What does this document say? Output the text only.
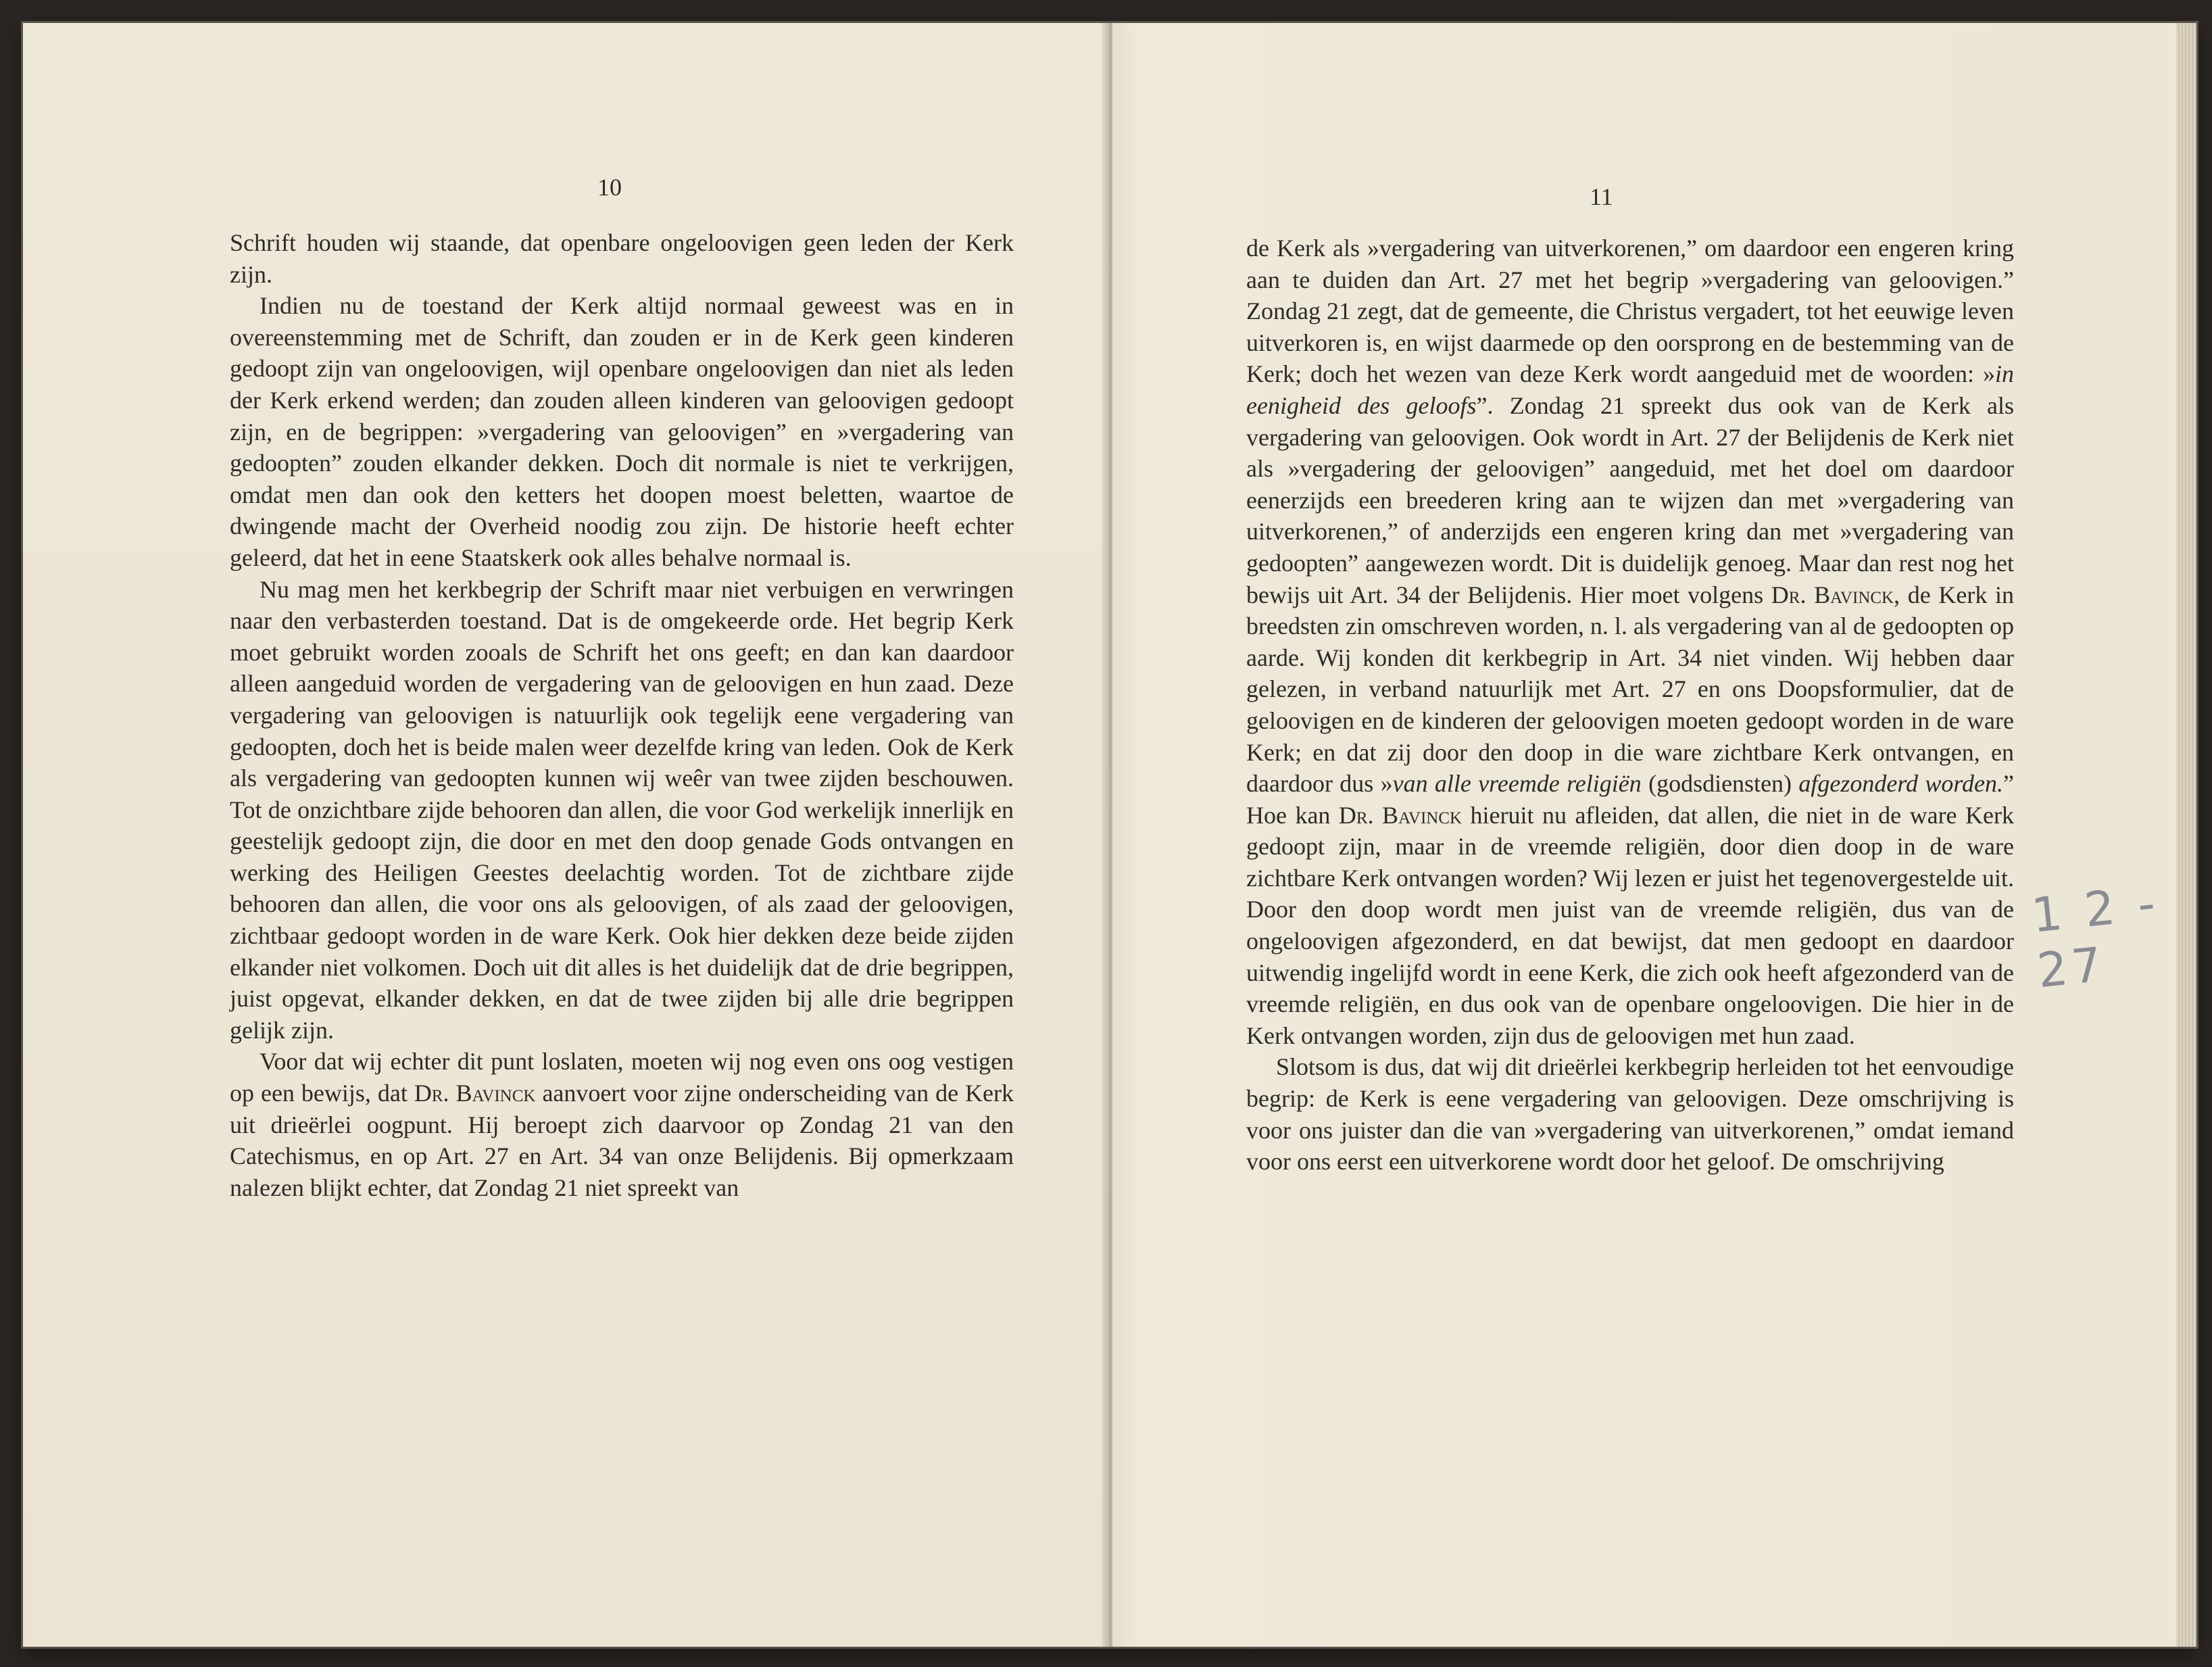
10

Schrift houden wij staande, dat openbare ongeloovigen geen leden der Kerk zijn.

Indien nu de toestand der Kerk altijd normaal geweest was en in overeenstemming met de Schrift, dan zouden er in de Kerk geen kinderen gedoopt zijn van ongeloovigen, wijl openbare ongeloovigen dan niet als leden der Kerk erkend werden; dan zouden alleen kinderen van geloovigen gedoopt zijn, en de begrippen: »vergadering van geloovigen” en »vergadering van gedoopten” zouden elkander dekken. Doch dit normale is niet te verkrijgen, omdat men dan ook den ketters het doopen moest beletten, waartoe de dwingende macht der Overheid noodig zou zijn. De historie heeft echter geleerd, dat het in eene Staatskerk ook alles behalve normaal is.

Nu mag men het kerkbegrip der Schrift maar niet verbuigen en verwringen naar den verbasterden toestand. Dat is de omgekeerde orde. Het begrip Kerk moet gebruikt worden zooals de Schrift het ons geeft; en dan kan daardoor alleen aangeduid worden de vergadering van de geloovigen en hun zaad. Deze vergadering van geloovigen is natuurlijk ook tegelijk eene vergadering van gedoopten, doch het is beide malen weer dezelfde kring van leden. Ook de Kerk als vergadering van gedoopten kunnen wij weêr van twee zijden beschouwen. Tot de onzichtbare zijde behooren dan allen, die voor God werkelijk innerlijk en geestelijk gedoopt zijn, die door en met den doop genade Gods ontvangen en werking des Heiligen Geestes deelachtig worden. Tot de zichtbare zijde behooren dan allen, die voor ons als geloovigen, of als zaad der geloovigen, zichtbaar gedoopt worden in de ware Kerk. Ook hier dekken deze beide zijden elkander niet volkomen. Doch uit dit alles is het duidelijk dat de drie begrippen, juist opgevat, elkander dekken, en dat de twee zijden bij alle drie begrippen gelijk zijn.

Voor dat wij echter dit punt loslaten, moeten wij nog even ons oog vestigen op een bewijs, dat Dr. Bavinck aanvoert voor zijne onderscheiding van de Kerk uit drieërlei oogpunt. Hij beroept zich daarvoor op Zondag 21 van den Catechismus, en op Art. 27 en Art. 34 van onze Belijdenis. Bij opmerkzaam nalezen blijkt echter, dat Zondag 21 niet spreekt van

11

de Kerk als »vergadering van uitverkorenen,” om daardoor een engeren kring aan te duiden dan Art. 27 met het begrip »vergadering van geloovigen.” Zondag 21 zegt, dat de gemeente, die Christus vergadert, tot het eeuwige leven uitverkoren is, en wijst daarmede op den oorsprong en de bestemming van de Kerk; doch het wezen van deze Kerk wordt aangeduid met de woorden: »in eenigheid des geloofs”. Zondag 21 spreekt dus ook van de Kerk als vergadering van geloovigen. Ook wordt in Art. 27 der Belijdenis de Kerk niet als »vergadering der geloovigen” aangeduid, met het doel om daardoor eenerzijds een breederen kring aan te wijzen dan met »vergadering van uitverkorenen,” of anderzijds een engeren kring dan met »vergadering van gedoopten” aangewezen wordt. Dit is duidelijk genoeg. Maar dan rest nog het bewijs uit Art. 34 der Belijdenis. Hier moet volgens Dr. Bavinck, de Kerk in breedsten zin omschreven worden, n. l. als vergadering van al de gedoopten op aarde. Wij konden dit kerkbegrip in Art. 34 niet vinden. Wij hebben daar gelezen, in verband natuurlijk met Art. 27 en ons Doopsformulier, dat de geloovigen en de kinderen der geloovigen moeten gedoopt worden in de ware Kerk; en dat zij door den doop in die ware zichtbare Kerk ontvangen, en daardoor dus »van alle vreemde religiën (godsdiensten) afgezonderd worden.” Hoe kan Dr. Bavinck hieruit nu afleiden, dat allen, die niet in de ware Kerk gedoopt zijn, maar in de vreemde religiën, door dien doop in de ware zichtbare Kerk ontvangen worden? Wij lezen er juist het tegenovergestelde uit. Door den doop wordt men juist van de vreemde religiën, dus van de ongeloovigen afgezonderd, en dat bewijst, dat men gedoopt en daardoor uitwendig ingelijfd wordt in eene Kerk, die zich ook heeft afgezonderd van de vreemde religiën, en dus ook van de openbare ongeloovigen. Die hier in de Kerk ontvangen worden, zijn dus de geloovigen met hun zaad.

Slotsom is dus, dat wij dit drieërlei kerkbegrip herleiden tot het eenvoudige begrip: de Kerk is eene vergadering van geloovigen. Deze omschrijving is voor ons juister dan die van »vergadering van uitverkorenen,” omdat iemand voor ons eerst een uitverkorene wordt door het geloof. De omschrijving

1 2 - 27
